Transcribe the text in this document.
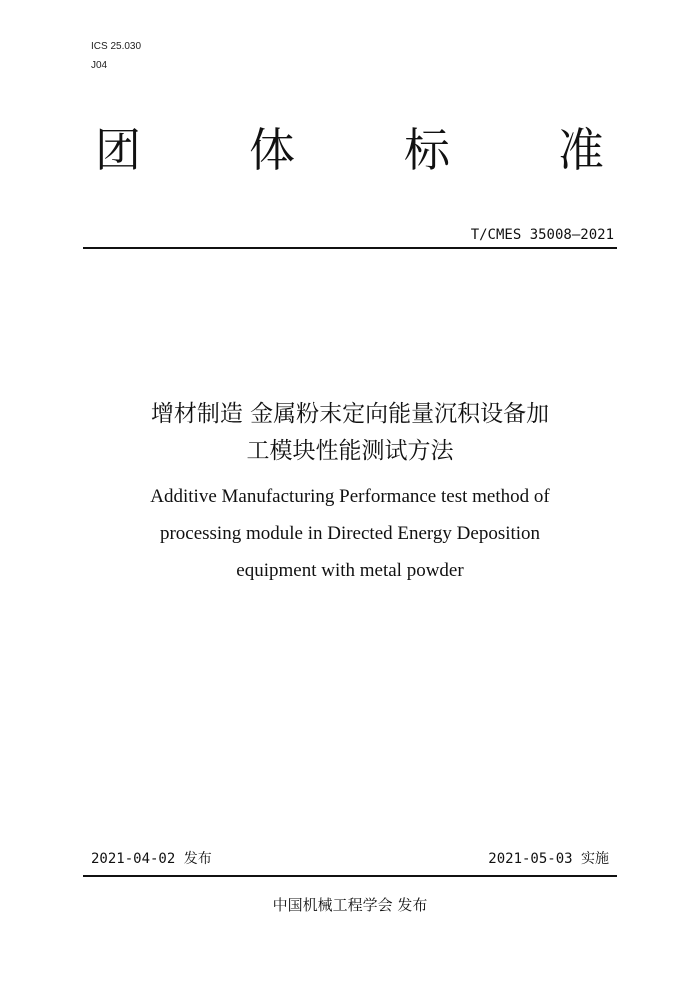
ICS 25.030
J04
团 体 标 准
T/CMES 35008—2021
增材制造 金属粉末定向能量沉积设备加
工模块性能测试方法
Additive Manufacturing Performance test method of
processing module in Directed Energy Deposition
equipment with metal powder
2021-04-02 发布	2021-05-03 实施
中国机械工程学会 发布
